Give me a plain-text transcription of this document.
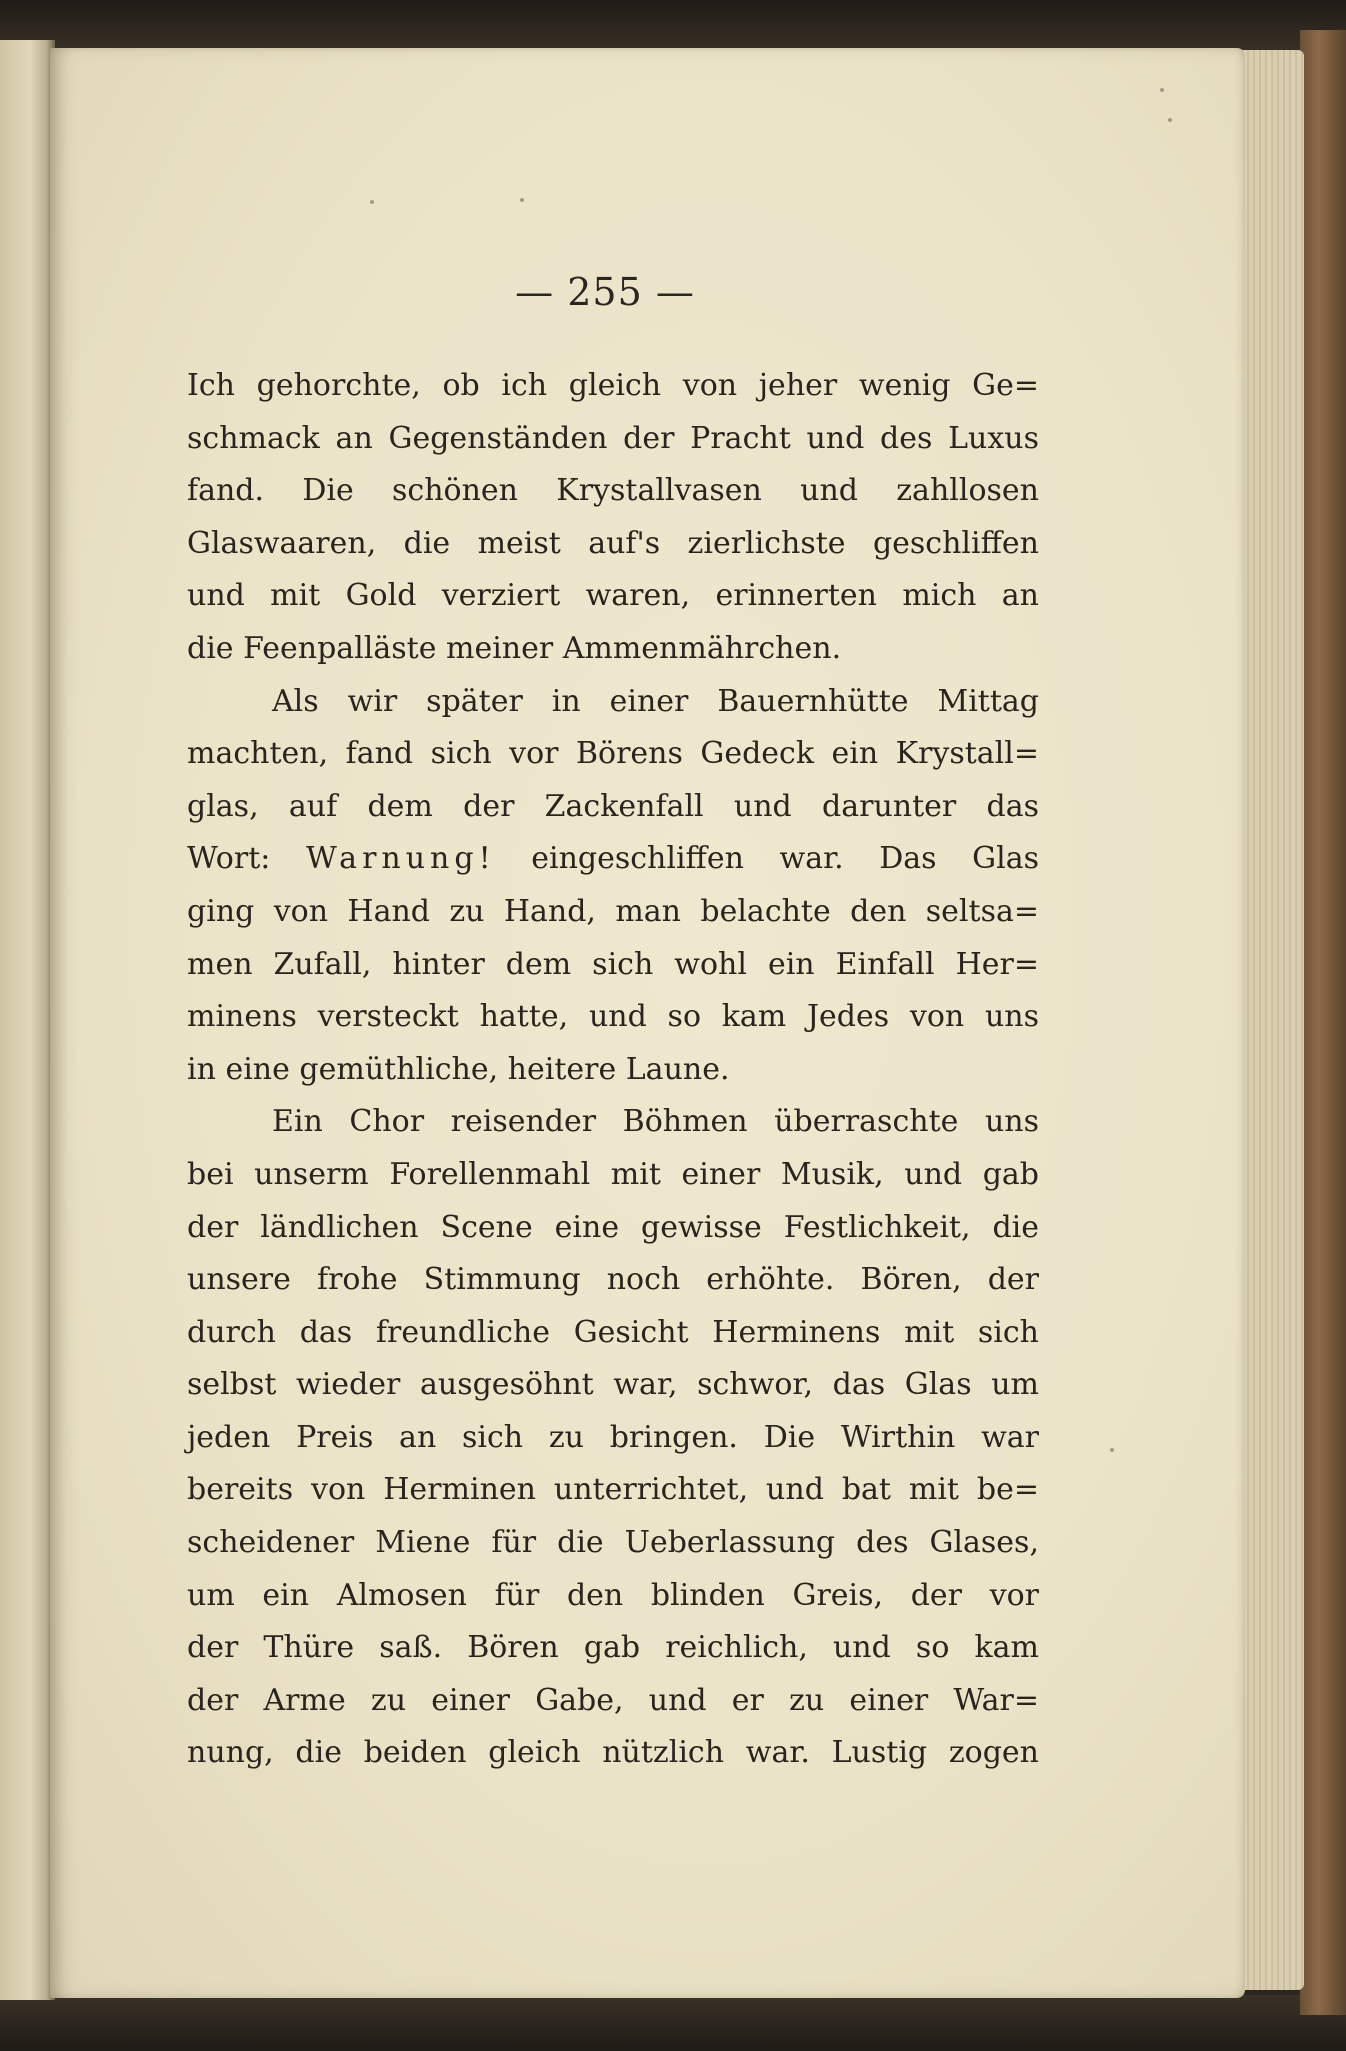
— 255 —
Ich gehorchte, ob ich gleich von jeher wenig Ge=
schmack an Gegenständen der Pracht und des Luxus
fand. Die schönen Krystallvasen und zahllosen
Glaswaaren, die meist auf's zierlichste geschliffen
und mit Gold verziert waren, erinnerten mich an
die Feenpalläste meiner Ammenmährchen.
Als wir später in einer Bauernhütte Mittag
machten, fand sich vor Börens Gedeck ein Krystall=
glas, auf dem der Zackenfall und darunter das
Wort: Warnung! eingeschliffen war. Das Glas
ging von Hand zu Hand, man belachte den seltsa=
men Zufall, hinter dem sich wohl ein Einfall Her=
minens versteckt hatte, und so kam Jedes von uns
in eine gemüthliche, heitere Laune.
Ein Chor reisender Böhmen überraschte uns
bei unserm Forellenmahl mit einer Musik, und gab
der ländlichen Scene eine gewisse Festlichkeit, die
unsere frohe Stimmung noch erhöhte. Bören, der
durch das freundliche Gesicht Herminens mit sich
selbst wieder ausgesöhnt war, schwor, das Glas um
jeden Preis an sich zu bringen. Die Wirthin war
bereits von Herminen unterrichtet, und bat mit be=
scheidener Miene für die Ueberlassung des Glases,
um ein Almosen für den blinden Greis, der vor
der Thüre saß. Bören gab reichlich, und so kam
der Arme zu einer Gabe, und er zu einer War=
nung, die beiden gleich nützlich war. Lustig zogen
